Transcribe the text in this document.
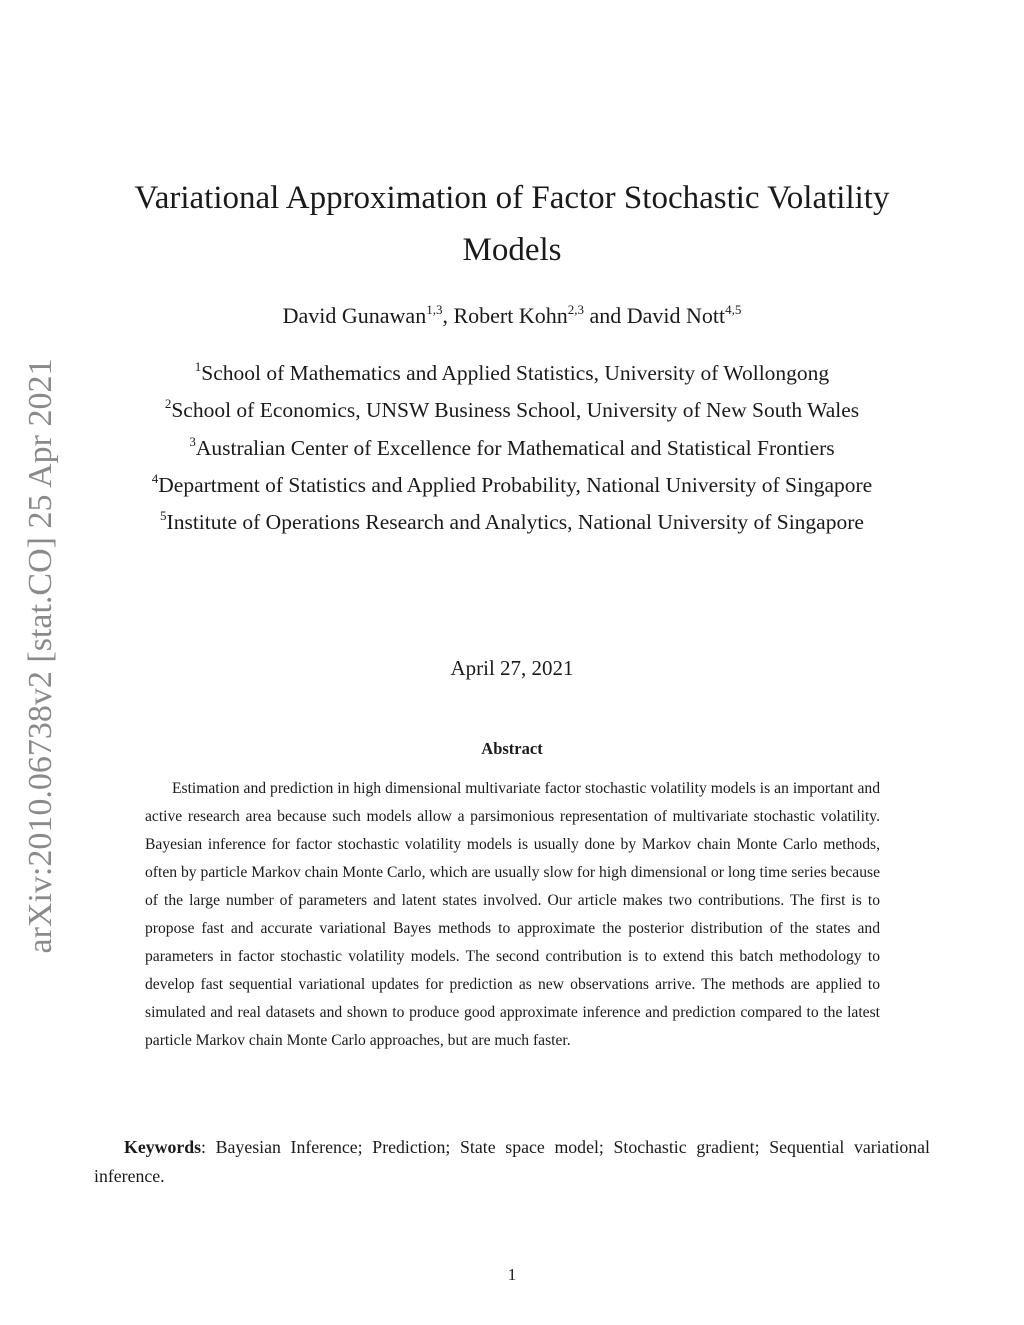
arXiv:2010.06738v2 [stat.CO] 25 Apr 2021
Variational Approximation of Factor Stochastic Volatility Models
David Gunawan$^{1,3}$, Robert Kohn$^{2,3}$ and David Nott$^{4,5}$
$^1$School of Mathematics and Applied Statistics, University of Wollongong
$^2$School of Economics, UNSW Business School, University of New South Wales
$^3$Australian Center of Excellence for Mathematical and Statistical Frontiers
$^4$Department of Statistics and Applied Probability, National University of Singapore
$^5$Institute of Operations Research and Analytics, National University of Singapore
April 27, 2021
Abstract

Estimation and prediction in high dimensional multivariate factor stochastic volatility models is an important and active research area because such models allow a parsimonious representation of multivariate stochastic volatility. Bayesian inference for factor stochastic volatility models is usually done by Markov chain Monte Carlo methods, often by particle Markov chain Monte Carlo, which are usually slow for high dimensional or long time series because of the large number of parameters and latent states involved. Our article makes two contributions. The first is to propose fast and accurate variational Bayes methods to approximate the posterior distribution of the states and parameters in factor stochastic volatility models. The second contribution is to extend this batch methodology to develop fast sequential variational updates for prediction as new observations arrive. The methods are applied to simulated and real datasets and shown to produce good approximate inference and prediction compared to the latest particle Markov chain Monte Carlo approaches, but are much faster.

Keywords: Bayesian Inference; Prediction; State space model; Stochastic gradient; Sequential variational inference.

1
